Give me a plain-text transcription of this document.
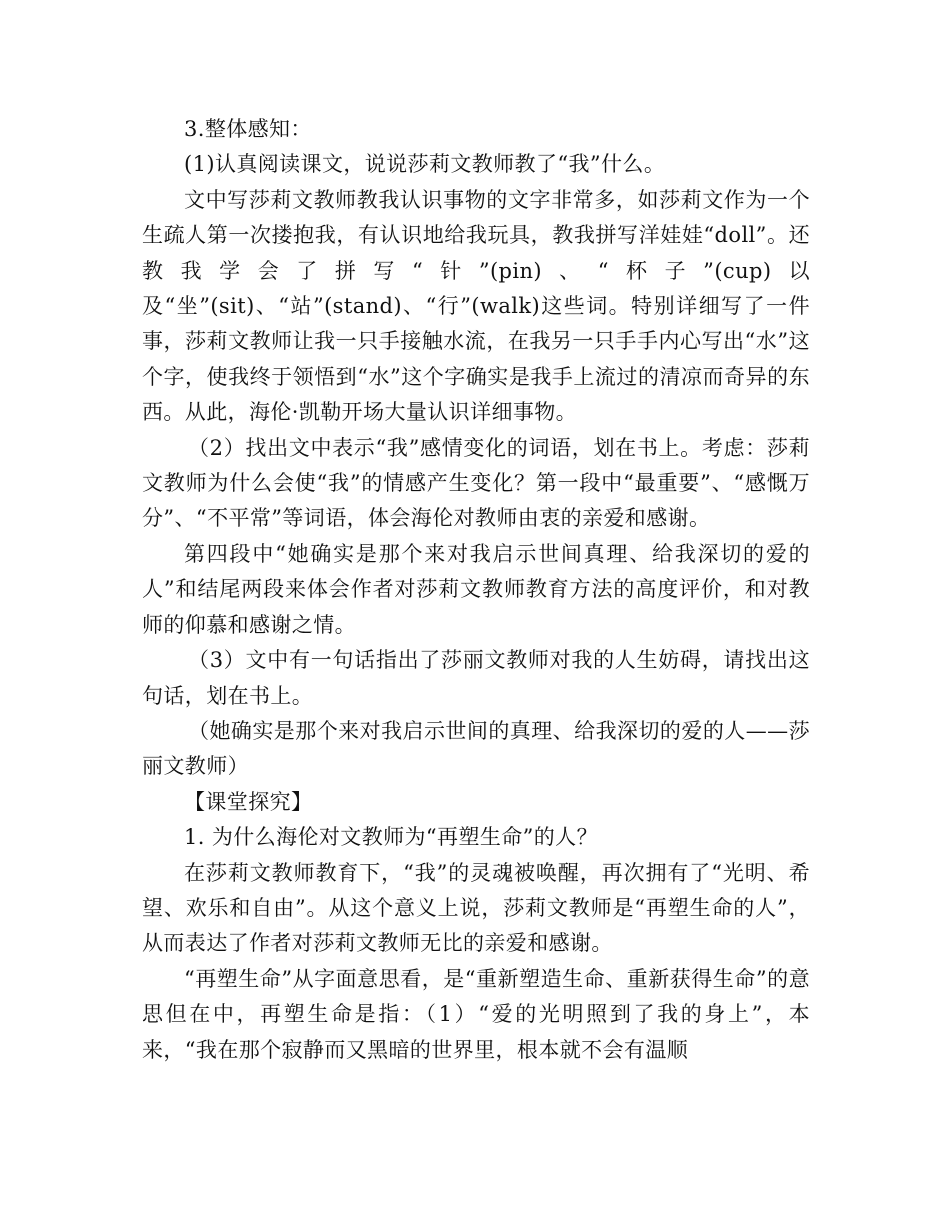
3.整体感知：

(1)认真阅读课文，说说莎莉文教师教了“我”什么。

文中写莎莉文教师教我认识事物的文字非常多，如莎莉文作为一个生疏人第一次搂抱我，有认识地给我玩具，教我拼写洋娃娃“doll”。还教我学会了拼写“针”(pin)、“杯子”(cup)以及“坐”(sit)、“站”(stand)、“行”(walk)这些词。特别详细写了一件事，莎莉文教师让我一只手接触水流，在我另一只手手内心写出“水”这个字，使我终于领悟到“水”这个字确实是我手上流过的清凉而奇异的东西。从此，海伦·凯勒开场大量认识详细事物。

（2）找出文中表示“我”感情变化的词语，划在书上。考虑：莎莉文教师为什么会使“我”的情感产生变化？第一段中“最重要”、“感慨万分”、“不平常”等词语，体会海伦对教师由衷的亲爱和感谢。

第四段中“她确实是那个来对我启示世间真理、给我深切的爱的人”和结尾两段来体会作者对莎莉文教师教育方法的高度评价，和对教师的仰慕和感谢之情。

（3）文中有一句话指出了莎丽文教师对我的人生妨碍，请找出这句话，划在书上。

（她确实是那个来对我启示世间的真理、给我深切的爱的人——莎丽文教师）

【课堂探究】

1. 为什么海伦对文教师为“再塑生命”的人？

在莎莉文教师教育下，“我”的灵魂被唤醒，再次拥有了“光明、希望、欢乐和自由”。从这个意义上说，莎莉文教师是“再塑生命的人”，从而表达了作者对莎莉文教师无比的亲爱和感谢。

“再塑生命”从字面意思看，是“重新塑造生命、重新获得生命”的意思但在中，再塑生命是指：（1）“爱的光明照到了我的身上”，本来，“我在那个寂静而又黑暗的世界里，根本就不会有温顺
